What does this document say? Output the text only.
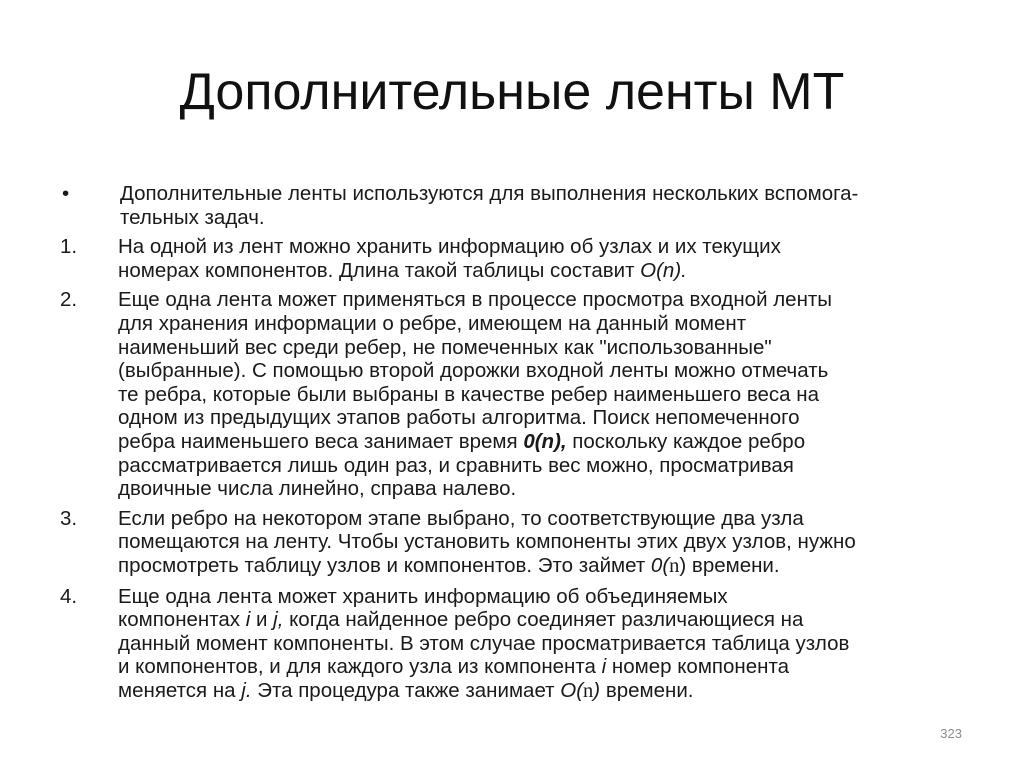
Дополнительные ленты МТ
•	Дополнительные ленты используются для выполнения нескольких вспомога-
тельных задач.
1.	На одной из лент можно хранить информацию об узлах и их текущих
номерах компонентов. Длина такой таблицы составит O(n).
2.	Еще одна лента может применяться в процессе просмотра входной ленты
для хранения информации о ребре, имеющем на данный момент
наименьший вес среди ребер, не помеченных как "использованные"
(выбранные). С помощью второй дорожки входной ленты можно отмечать
те ребра, которые были выбраны в качестве ребер наименьшего веса на
одном из предыдущих этапов работы алгоритма. Поиск непомеченного
ребра наименьшего веса занимает время 0(n), поскольку каждое ребро
рассматривается лишь один раз, и сравнить вес можно, просматривая
двоичные числа линейно, справа налево.
3.	Если ребро на некотором этапе выбрано, то соответствующие два узла
помещаются на ленту. Чтобы установить компоненты этих двух узлов, нужно
просмотреть таблицу узлов и компонентов. Это займет 0(n) времени.
4.	Еще одна лента может хранить информацию об объединяемых
компонентах i и j, когда найденное ребро соединяет различающиеся на
данный момент компоненты. В этом случае просматривается таблица узлов
и компонентов, и для каждого узла из компонента i номер компонента
меняется на j. Эта процедура также занимает O(n) времени.
323
